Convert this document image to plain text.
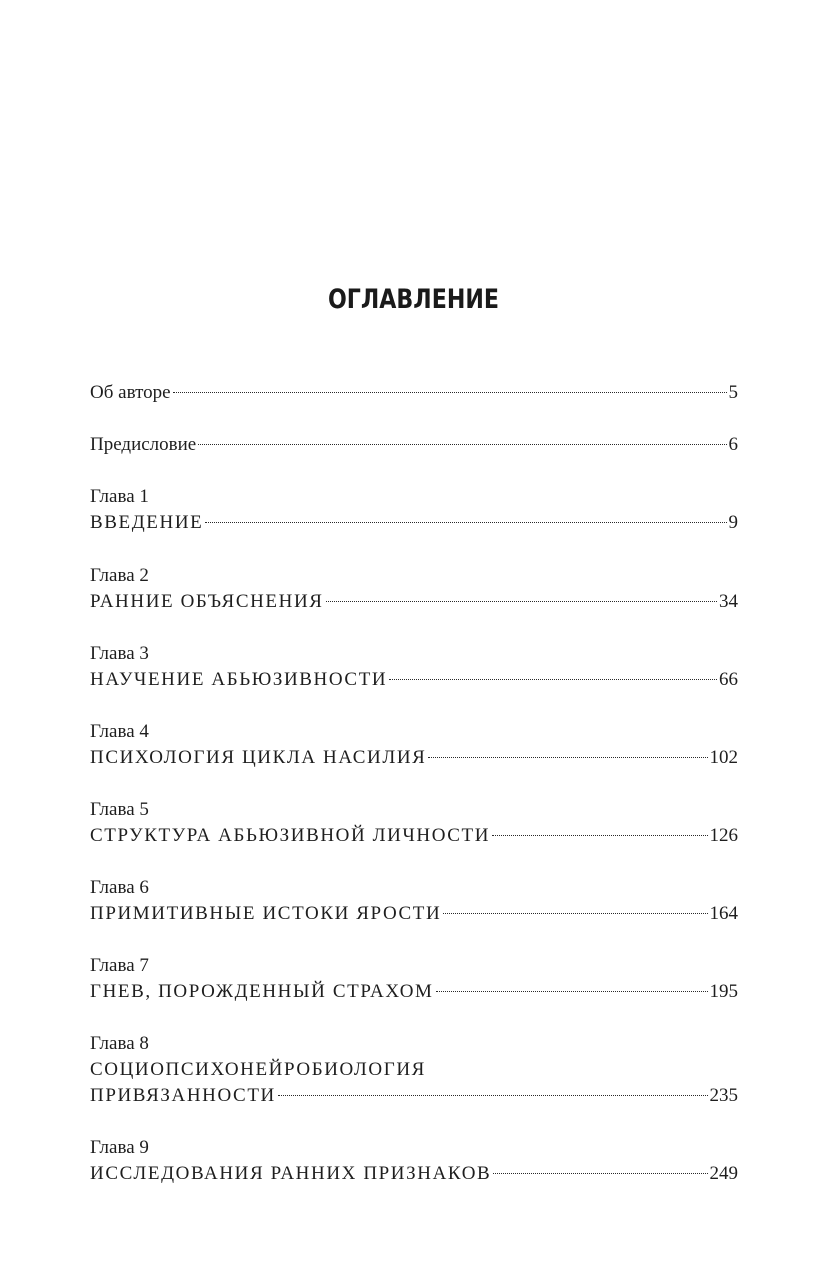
ОГЛАВЛЕНИЕ
Об авторе	5
Предисловие	6
Глава 1
ВВЕДЕНИЕ	9
Глава 2
РАННИЕ ОБЪЯСНЕНИЯ	34
Глава 3
НАУЧЕНИЕ АБЬЮЗИВНОСТИ	66
Глава 4
ПСИХОЛОГИЯ ЦИКЛА НАСИЛИЯ	102
Глава 5
СТРУКТУРА АБЬЮЗИВНОЙ ЛИЧНОСТИ	126
Глава 6
ПРИМИТИВНЫЕ ИСТОКИ ЯРОСТИ	164
Глава 7
ГНЕВ, ПОРОЖДЕННЫЙ СТРАХОМ	195
Глава 8
СОЦИОПСИХОНЕЙРОБИОЛОГИЯ
ПРИВЯЗАННОСТИ	235
Глава 9
ИССЛЕДОВАНИЯ РАННИХ ПРИЗНАКОВ	249
